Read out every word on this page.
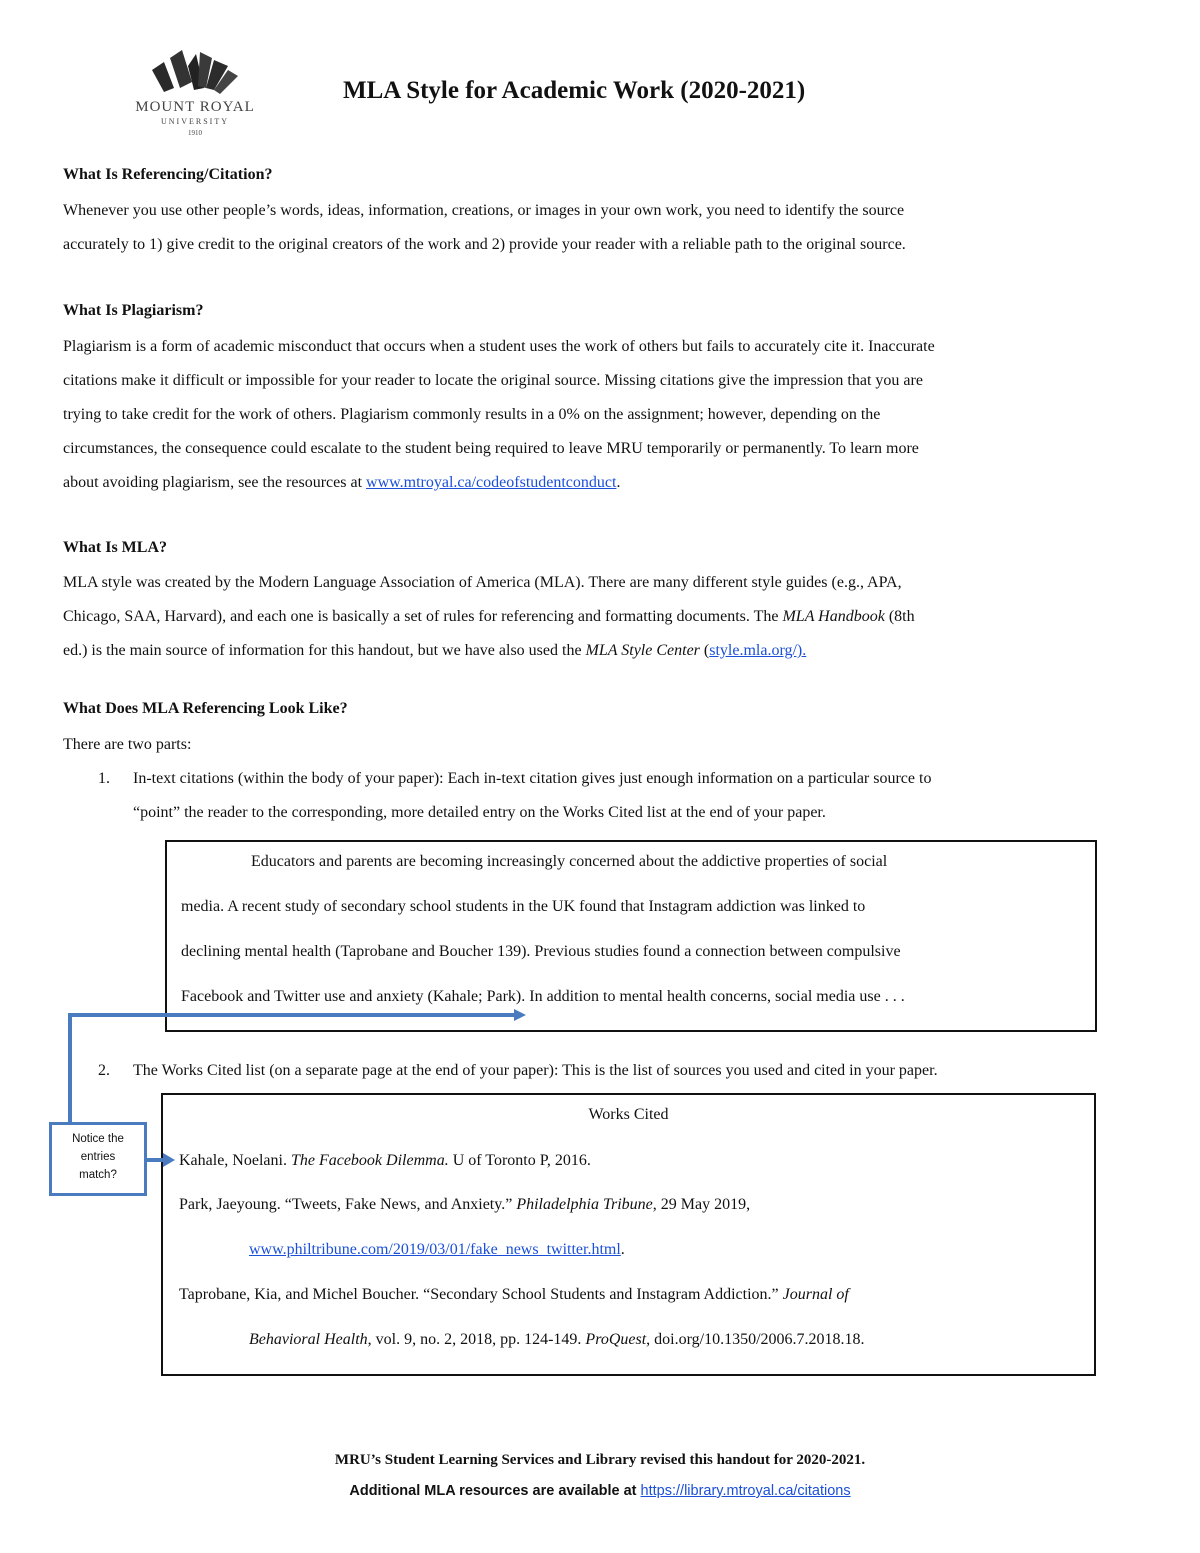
MOUNT ROYAL
UNIVERSITY
1910
MLA Style for Academic Work (2020-2021)
What Is Referencing/Citation?
Whenever you use other people’s words, ideas, information, creations, or images in your own work, you need to identify the source
accurately to 1) give credit to the original creators of the work and 2) provide your reader with a reliable path to the original source.
What Is Plagiarism?
Plagiarism is a form of academic misconduct that occurs when a student uses the work of others but fails to accurately cite it. Inaccurate
citations make it difficult or impossible for your reader to locate the original source. Missing citations give the impression that you are
trying to take credit for the work of others. Plagiarism commonly results in a 0% on the assignment; however, depending on the
circumstances, the consequence could escalate to the student being required to leave MRU temporarily or permanently. To learn more
about avoiding plagiarism, see the resources at www.mtroyal.ca/codeofstudentconduct.
What Is MLA?
MLA style was created by the Modern Language Association of America (MLA). There are many different style guides (e.g., APA,
Chicago, SAA, Harvard), and each one is basically a set of rules for referencing and formatting documents. The MLA Handbook (8th
ed.) is the main source of information for this handout, but we have also used the MLA Style Center (style.mla.org/).
What Does MLA Referencing Look Like?
There are two parts:
1. In-text citations (within the body of your paper): Each in-text citation gives just enough information on a particular source to
“point” the reader to the corresponding, more detailed entry on the Works Cited list at the end of your paper.
Educators and parents are becoming increasingly concerned about the addictive properties of social
media. A recent study of secondary school students in the UK found that Instagram addiction was linked to
declining mental health (Taprobane and Boucher 139). Previous studies found a connection between compulsive
Facebook and Twitter use and anxiety (Kahale; Park). In addition to mental health concerns, social media use . . .
2. The Works Cited list (on a separate page at the end of your paper): This is the list of sources you used and cited in your paper.
Works Cited
Kahale, Noelani. The Facebook Dilemma. U of Toronto P, 2016.
Park, Jaeyoung. “Tweets, Fake News, and Anxiety.” Philadelphia Tribune, 29 May 2019,
www.philtribune.com/2019/03/01/fake_news_twitter.html.
Taprobane, Kia, and Michel Boucher. “Secondary School Students and Instagram Addiction.” Journal of
Behavioral Health, vol. 9, no. 2, 2018, pp. 124-149. ProQuest, doi.org/10.1350/2006.7.2018.18.
Notice the
entries
match?
MRU’s Student Learning Services and Library revised this handout for 2020-2021.
Additional MLA resources are available at https://library.mtroyal.ca/citations
